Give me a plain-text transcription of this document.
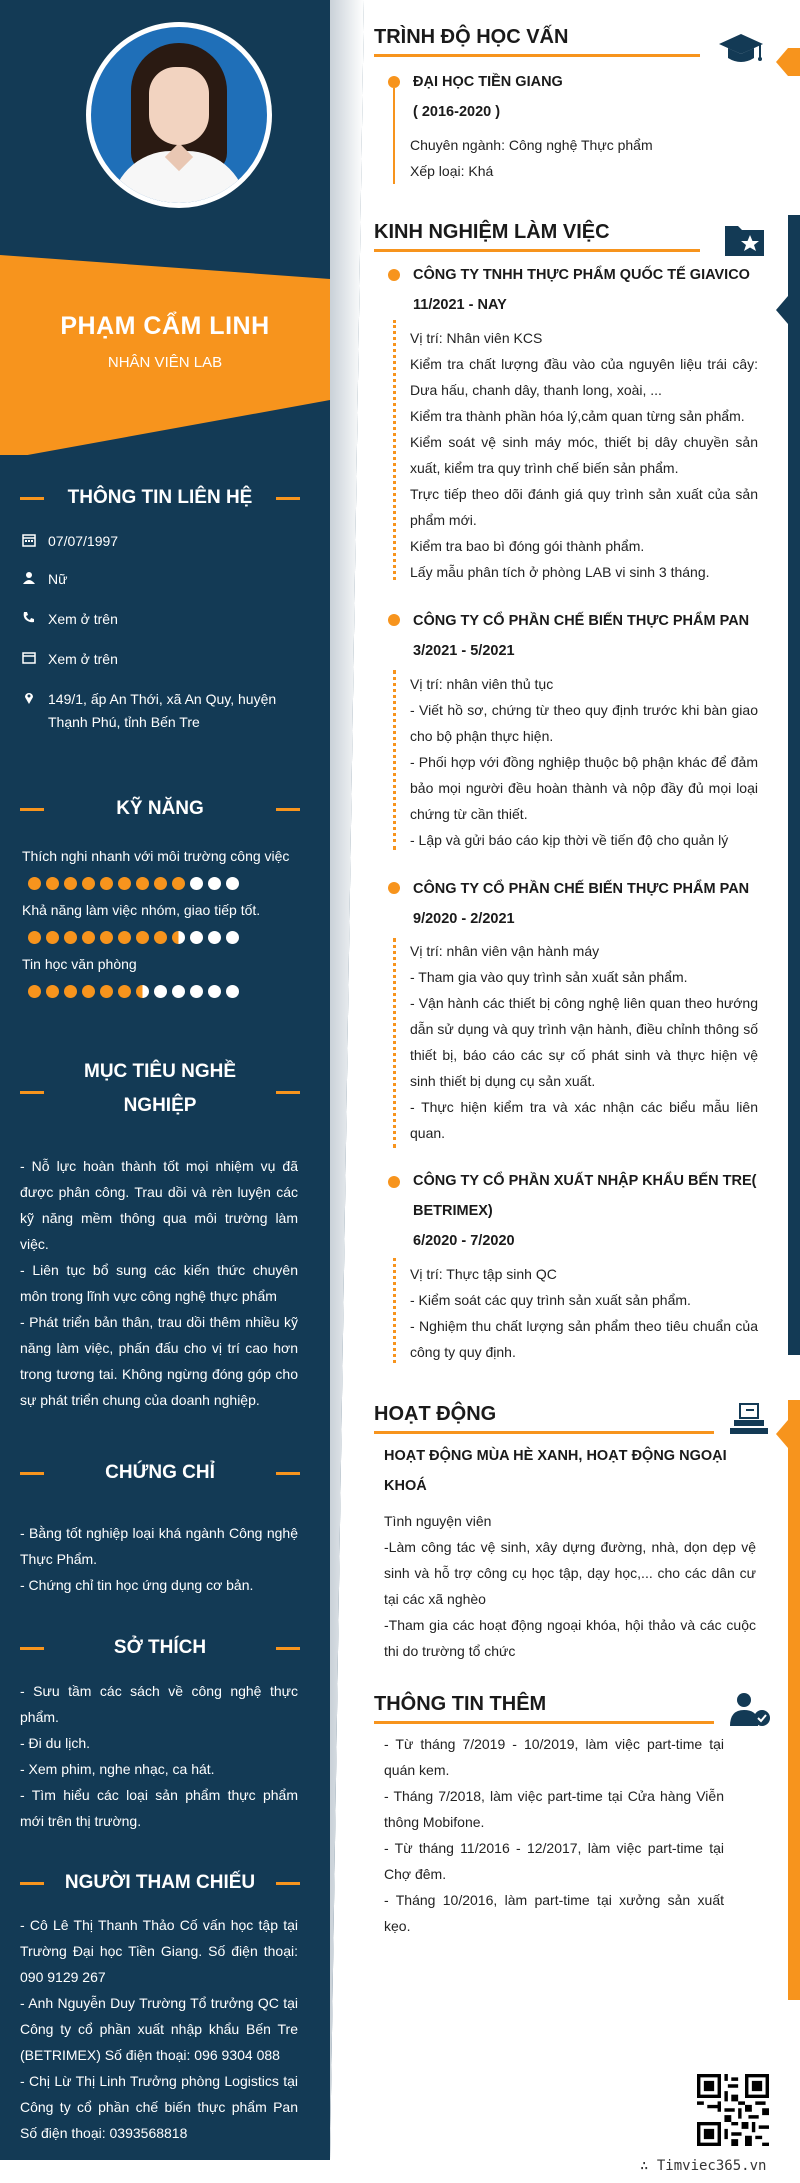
PHẠM CẨM LINH
NHÂN VIÊN LAB
THÔNG TIN LIÊN HỆ
07/07/1997
Nữ
Xem ở trên
Xem ở trên
149/1, ấp An Thới, xã An Quy, huyện Thạnh Phú, tỉnh Bến Tre
KỸ NĂNG
Thích nghi nhanh với môi trường công việc
Khả năng làm việc nhóm, giao tiếp tốt.
Tin học văn phòng
MỤC TIÊU NGHỀ NGHIỆP
- Nỗ lực hoàn thành tốt mọi nhiệm vụ đã được phân công. Trau dồi và rèn luyện các kỹ năng mềm thông qua môi trường làm việc.
- Liên tục bổ sung các kiến thức chuyên môn trong lĩnh vực công nghệ thực phẩm
- Phát triển bản thân, trau dồi thêm nhiều kỹ năng làm việc, phấn đấu cho vị trí cao hơn trong tương tai. Không ngừng đóng góp cho sự phát triển chung của doanh nghiệp.
CHỨNG CHỈ
- Bằng tốt nghiệp loại khá ngành Công nghệ Thực Phẩm.
- Chứng chỉ tin học ứng dụng cơ bản.
SỞ THÍCH
- Sưu tầm các sách về công nghệ thực phẩm.
- Đi du lịch.
- Xem phim, nghe nhạc, ca hát.
- Tìm hiểu các loại sản phẩm thực phẩm mới trên thị trường.
NGƯỜI THAM CHIẾU
- Cô Lê Thị Thanh Thảo Cố vấn học tập tại Trường Đại học Tiền Giang. Số điện thoại: 090 9129 267
- Anh Nguyễn Duy Trường Tổ trưởng QC tại Công ty cổ phần xuất nhập khẩu Bến Tre (BETRIMEX) Số điện thoại: 096 9304 088
- Chị Lừ Thị Linh Trưởng phòng Logistics tại Công ty cổ phần chế biến thực phẩm Pan Số điện thoại: 0393568818
TRÌNH ĐỘ HỌC VẤN
ĐẠI HỌC TIỀN GIANG
( 2016-2020 )
Chuyên ngành: Công nghệ Thực phẩm
Xếp loại: Khá
KINH NGHIỆM LÀM VIỆC
CÔNG TY TNHH THỰC PHẨM QUỐC TẾ GIAVICO
11/2021 - NAY
Vị trí: Nhân viên KCS
Kiểm tra chất lượng đầu vào của nguyên liệu trái cây: Dưa hấu, chanh dây, thanh long, xoài, ...
Kiểm tra thành phần hóa lý,cảm quan từng sản phẩm.
Kiểm soát vệ sinh máy móc, thiết bị dây chuyền sản xuất, kiểm tra quy trình chế biến sản phẩm.
Trực tiếp theo dõi đánh giá quy trình sản xuất của sản phẩm mới.
Kiểm tra bao bì đóng gói thành phẩm.
Lấy mẫu phân tích ở phòng LAB vi sinh 3 tháng.
CÔNG TY CỔ PHẦN CHẾ BIẾN THỰC PHẨM PAN
3/2021 - 5/2021
Vị trí: nhân viên thủ tục
- Viết hồ sơ, chứng từ theo quy định trước khi bàn giao cho bộ phận thực hiện.
- Phối hợp với đồng nghiệp thuộc bộ phận khác để đảm bảo mọi người đều hoàn thành và nộp đầy đủ mọi loại chứng từ cần thiết.
- Lập và gửi báo cáo kịp thời về tiến độ cho quản lý
CÔNG TY CỔ PHẦN CHẾ BIẾN THỰC PHẨM PAN
9/2020 - 2/2021
Vị trí: nhân viên vận hành máy
- Tham gia vào quy trình sản xuất sản phẩm.
- Vận hành các thiết bị công nghệ liên quan theo hướng dẫn sử dụng và quy trình vận hành, điều chỉnh thông số thiết bị, báo cáo các sự cố phát sinh và thực hiện vệ sinh thiết bị dụng cụ sản xuất.
- Thực hiện kiểm tra và xác nhận các biểu mẫu liên quan.
CÔNG TY CỔ PHẦN XUẤT NHẬP KHẨU BẾN TRE( BETRIMEX)
6/2020 - 7/2020
Vị trí: Thực tập sinh QC
- Kiểm soát các quy trình sản xuất sản phẩm.
- Nghiệm thu chất lượng sản phẩm theo tiêu chuẩn của công ty quy định.
HOẠT ĐỘNG
HOẠT ĐỘNG MÙA HÈ XANH, HOẠT ĐỘNG NGOẠI KHOÁ
Tình nguyện viên
-Làm công tác vệ sinh, xây dựng đường, nhà, dọn dẹp vệ sinh và hỗ trợ công cụ học tập, dạy học,... cho các dân cư tại các xã nghèo
-Tham gia các hoạt động ngoại khóa, hội thảo và các cuộc thi do trường tổ chức
THÔNG TIN THÊM
- Từ tháng 7/2019 - 10/2019, làm việc part-time tại quán kem.
- Tháng 7/2018, làm việc part-time tại Cửa hàng Viễn thông Mobifone.
- Từ tháng 11/2016 - 12/2017, làm việc part-time tại Chợ đêm.
- Tháng 10/2016, làm part-time tại xưởng sản xuất kẹo.
∴ Timviec365.vn
